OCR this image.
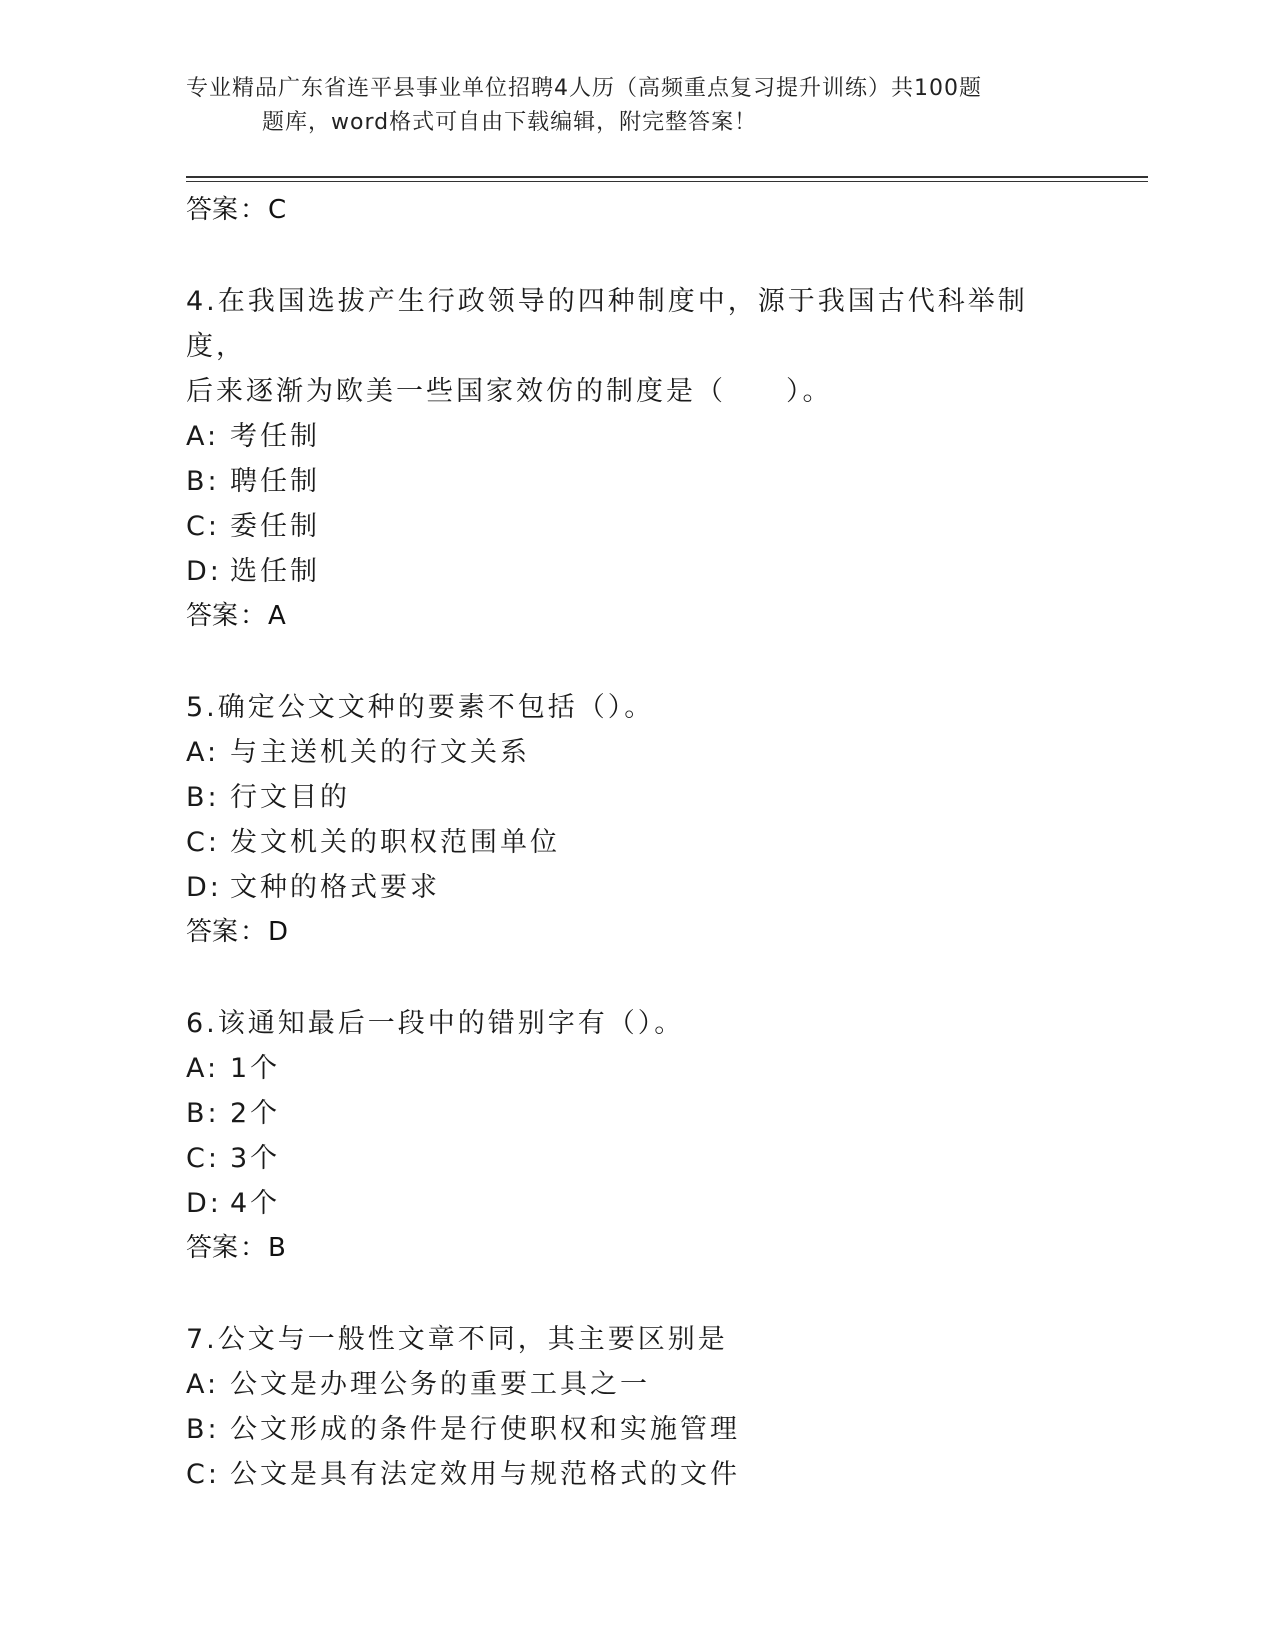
专业精品广东省连平县事业单位招聘4人历（高频重点复习提升训练）共100题
题库，word格式可自由下载编辑，附完整答案！
答案：C
4.在我国选拔产生行政领导的四种制度中，源于我国古代科举制度，
后来逐渐为欧美一些国家效仿的制度是（　　）。
A: 考任制
B: 聘任制
C: 委任制
D: 选任制
答案：A
5.确定公文文种的要素不包括（）。
A: 与主送机关的行文关系
B: 行文目的
C: 发文机关的职权范围单位
D: 文种的格式要求
答案：D
6.该通知最后一段中的错别字有（）。
A: 1个
B: 2个
C: 3个
D: 4个
答案：B
7.公文与一般性文章不同，其主要区别是
A: 公文是办理公务的重要工具之一
B: 公文形成的条件是行使职权和实施管理
C: 公文是具有法定效用与规范格式的文件
